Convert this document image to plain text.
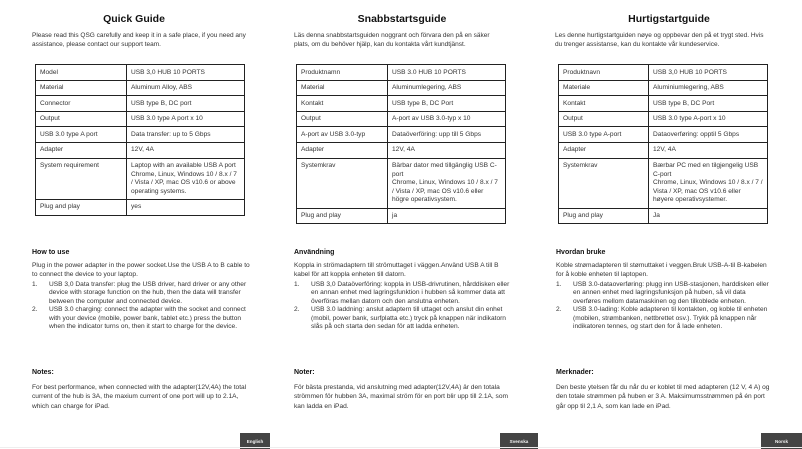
Quick Guide

Please read this QSG carefully and keep it in a safe place, if you need any assistance, please contact our support team.

Model	USB 3,0 HUB 10 PORTS
Material	Aluminum Alloy, ABS
Connector	USB type B, DC port
Output	USB 3.0 type A port x 10
USB 3.0 type A port	Data transfer: up to 5 Gbps
Adapter	12V, 4A
System requirement	Laptop with an available USB A port
Chrome, Linux, Windows 10 / 8.x / 7 / Vista / XP, mac OS v10.6 or above operating systems.

Plug and play	yes
How to use

Plug in the power adapter in the power socket.Use the USB A to B cable to to connect the device to your laptop.

1. USB 3,0 Data transfer: plug the USB driver, hard driver or any other device with storage function on the hub, then the data will transfer between the computer and connected device.
2. USB 3.0 charging: connect the adapter with the socket and connect with your device (mobile, power bank, tablet etc.) press the button when the indicator turns on, then it start to charge for the device.
Notes:

For best performance, when connected with the adapter(12V,4A) the total current of the hub is 3A, the maxium current of one port will up to 2.1A, which can charge for iPad.

English
Snabbstartsguide

Läs denna snabbstartsguiden noggrant och förvara den på en säker plats, om du behöver hjälp, kan du kontakta vårt kundtjänst.

Produktnamn	USB 3.0 HUB 10 PORTS
Material	Aluminumlegering, ABS
Kontakt	USB type B, DC Port
Output	A-port av USB 3.0-typ x 10
A-port av USB 3.0-typ	Dataöverföring: upp till 5 Gbps
Adapter	12V, 4A
Systemkrav	Bärbar dator med tillgänglig USB C-port
Chrome, Linux, Windows 10 / 8.x / 7 / Vista / XP, mac OS v10.6 eller högre operativsystem.

Plug and play	ja
Användning

Koppla in strömadaptern till strömuttaget i väggen.Använd USB A till B kabel för att koppla enheten till datorn.

1. USB 3,0 Dataöverföring: koppla in USB-drivrutinen, hårddisken eller en annan enhet med lagringsfunktion i hubben så kommer data att överföras mellan datorn och den anslutna enheten.
2. USB 3.0 laddning: anslut adaptern till uttaget och anslut din enhet (mobil, power bank, surfplatta etc.) tryck på knappen när indikatorn slås på och starta den sedan för att ladda enheten.
Noter:

För bästa prestanda, vid anslutning med adapter(12V,4A) är den totala strömmen för hubben 3A, maximal ström för en port blir upp till 2.1A, som kan ladda en iPad.

Svenska
Hurtigstartguide

Les denne hurtigstartguiden nøye og oppbevar den på et trygt sted. Hvis du trenger assistanse, kan du kontakte vår kundeservice.

Produktnavn	USB 3,0 HUB 10 PORTS
Materiale	Aluminiumlegering, ABS
Kontakt	USB type B, DC Port
Output	USB 3.0 type A-port x 10
USB 3.0 type A-port	Dataoverføring: opptil 5 Gbps
Adapter	12V, 4A
Systemkrav	Bærbar PC med en tilgjengelig USB C-port
Chrome, Linux, Windows 10 / 8.x / 7 / Vista / XP, mac OS v10.6 eller høyere operativsystemer.

Plug and play	Ja
Hvordan bruke

Koble strømadapteren til stømuttaket i veggen.Bruk USB-A-til B-kabelen for å koble enheten til laptopen.

1. USB 3.0-dataoverføring: plugg inn USB-stasjonen, harddisken eller en annen enhet med lagringsfunksjon på huben, så vil data overføres mellom datamaskinen og den tilkoblede enheten.
2. USB 3.0-lading: Koble adapteren til kontakten, og koble til enheten (mobilen, strømbanken, nettbrettet osv.). Trykk på knappen når indikatoren tennes, og start den for å lade enheten.
Merknader:

Den beste ytelsen får du når du er koblet til med adapteren (12 V, 4 A) og den totale strømmen på huben er 3 A. Maksimumsstrømmen på én port går opp til 2,1 A, som kan lade en iPad.

Norsk
